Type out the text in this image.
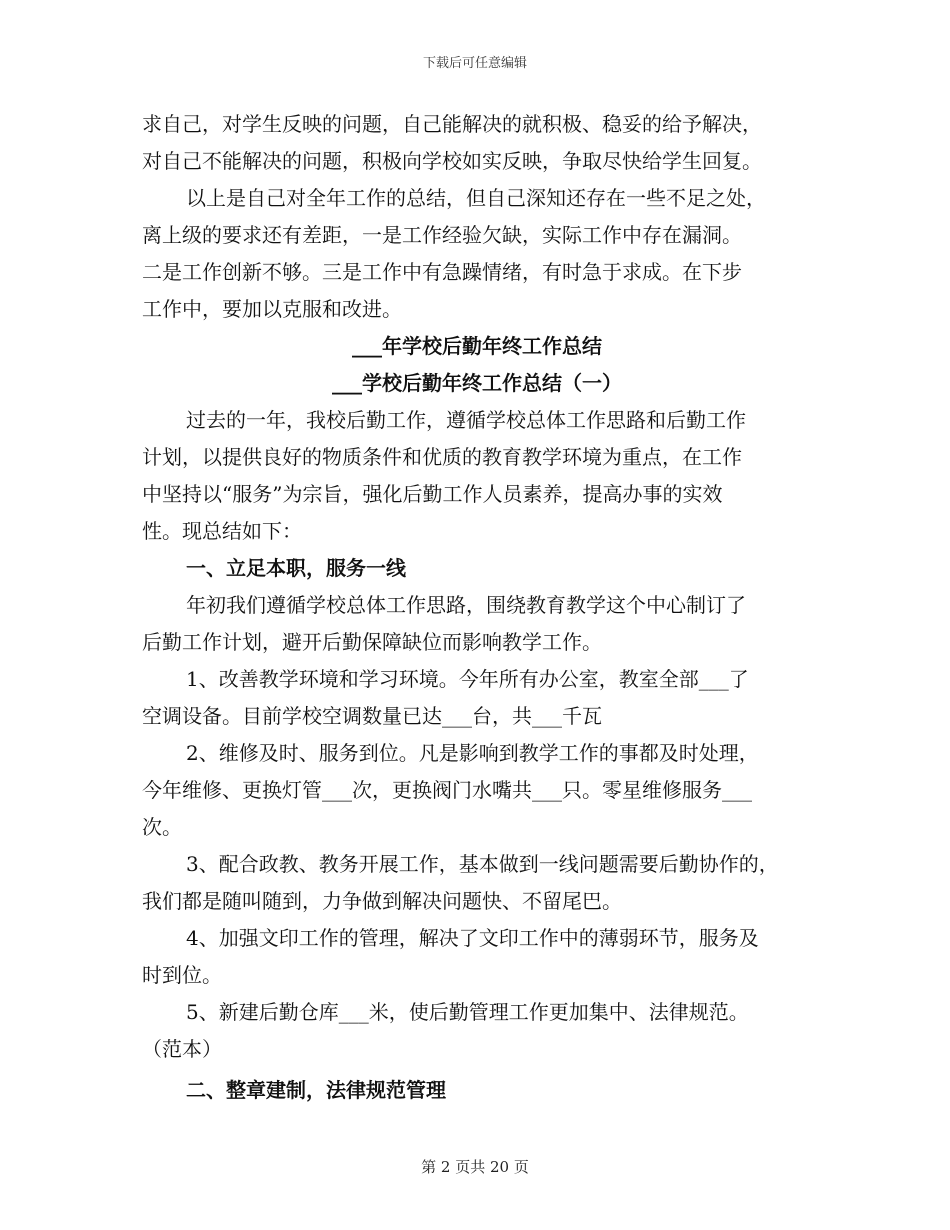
下载后可任意编辑
求自己，对学生反映的问题，自己能解决的就积极、稳妥的给予解决，
对自己不能解决的问题，积极向学校如实反映，争取尽快给学生回复。
以上是自己对全年工作的总结，但自己深知还存在一些不足之处，
离上级的要求还有差距，一是工作经验欠缺，实际工作中存在漏洞。
二是工作创新不够。三是工作中有急躁情绪，有时急于求成。在下步
工作中，要加以克服和改进。
___年学校后勤年终工作总结
___学校后勤年终工作总结（一）
过去的一年，我校后勤工作，遵循学校总体工作思路和后勤工作
计划，以提供良好的物质条件和优质的教育教学环境为重点，在工作
中坚持以“服务”为宗旨，强化后勤工作人员素养，提高办事的实效
性。现总结如下：
一、立足本职，服务一线
年初我们遵循学校总体工作思路，围绕教育教学这个中心制订了
后勤工作计划，避开后勤保障缺位而影响教学工作。
1、改善教学环境和学习环境。今年所有办公室，教室全部___了
空调设备。目前学校空调数量已达___台，共___千瓦
2、维修及时、服务到位。凡是影响到教学工作的事都及时处理，
今年维修、更换灯管___次，更换阀门水嘴共___只。零星维修服务___
次。
3、配合政教、教务开展工作，基本做到一线问题需要后勤协作的，
我们都是随叫随到，力争做到解决问题快、不留尾巴。
4、加强文印工作的管理，解决了文印工作中的薄弱环节，服务及
时到位。
5、新建后勤仓库___米，使后勤管理工作更加集中、法律规范。
（范本）
二、整章建制，法律规范管理
第 2 页共 20 页
